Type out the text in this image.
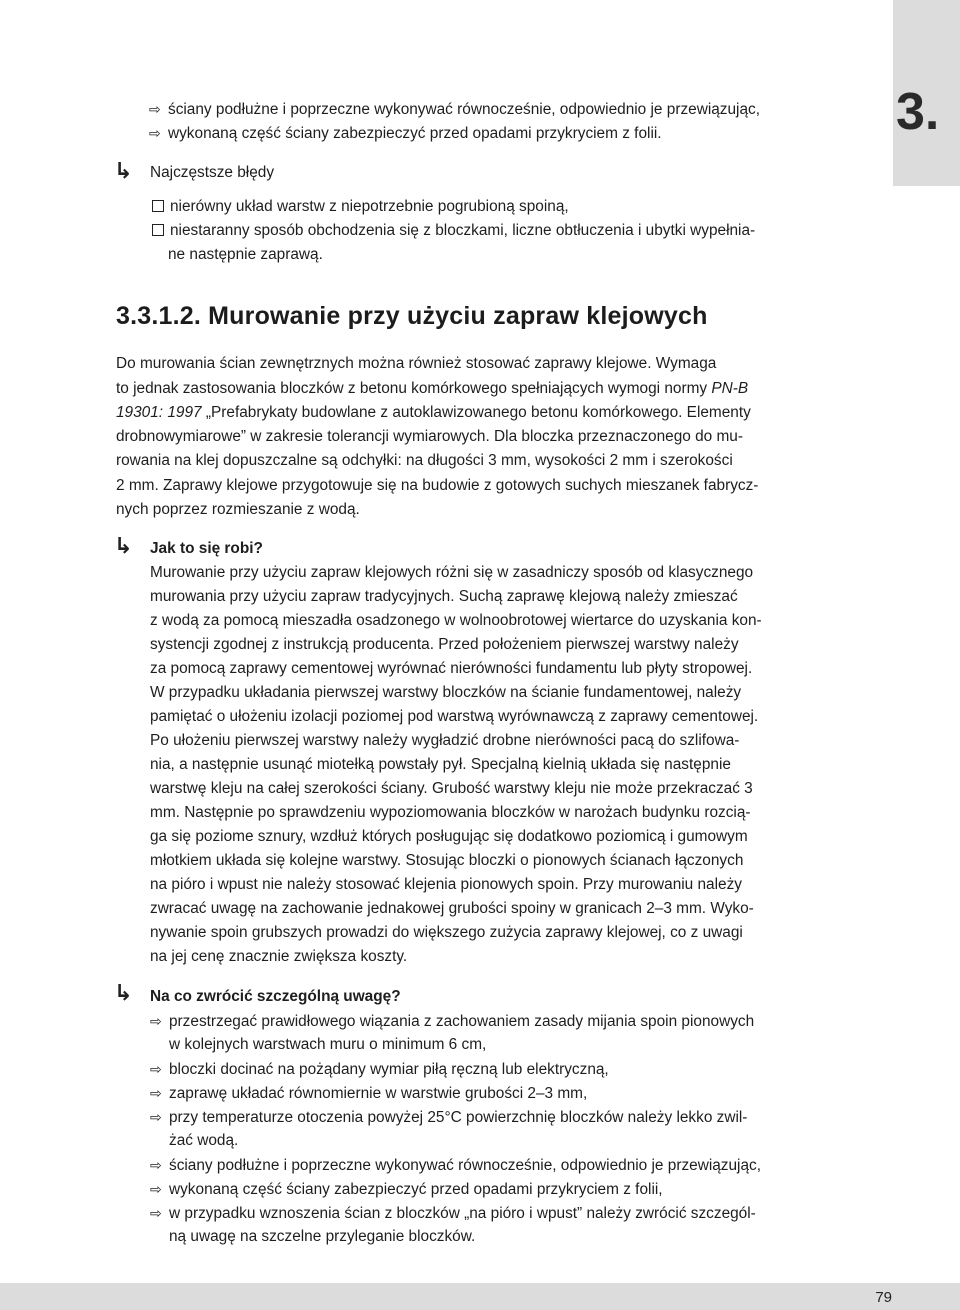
3.
⇨ ściany podłużne i poprzeczne wykonywać równocześnie, odpowiednio je przewiązując,
⇨ wykonaną część ściany zabezpieczyć przed opadami przykryciem z folii.
↳ Najczęstsze błędy
nierówny układ warstw z niepotrzebnie pogrubioną spoiną,
niestaranny sposób obchodzenia się z bloczkami, liczne obtłuczenia i ubytki wypełnia-
ne następnie zaprawą.
3.3.1.2. Murowanie przy użyciu zapraw klejowych
Do murowania ścian zewnętrznych można również stosować zaprawy klejowe. Wymaga
to jednak zastosowania bloczków z betonu komórkowego spełniających wymogi normy PN-B
19301: 1997 „Prefabrykaty budowlane z autoklawizowanego betonu komórkowego. Elementy
drobnowymiarowe” w zakresie tolerancji wymiarowych. Dla bloczka przeznaczonego do mu-
rowania na klej dopuszczalne są odchyłki: na długości 3 mm, wysokości 2 mm i szerokości
2 mm. Zaprawy klejowe przygotowuje się na budowie z gotowych suchych mieszanek fabrycz-
nych poprzez rozmieszanie z wodą.
↳ Jak to się robi?
Murowanie przy użyciu zapraw klejowych różni się w zasadniczy sposób od klasycznego
murowania przy użyciu zapraw tradycyjnych. Suchą zaprawę klejową należy zmieszać
z wodą za pomocą mieszadła osadzonego w wolnoobrotowej wiertarce do uzyskania kon-
systencji zgodnej z instrukcją producenta. Przed położeniem pierwszej warstwy należy
za pomocą zaprawy cementowej wyrównać nierówności fundamentu lub płyty stropowej.
W przypadku układania pierwszej warstwy bloczków na ścianie fundamentowej, należy
pamiętać o ułożeniu izolacji poziomej pod warstwą wyrównawczą z zaprawy cementowej.
Po ułożeniu pierwszej warstwy należy wygładzić drobne nierówności pacą do szlifowa-
nia, a następnie usunąć miotełką powstały pył. Specjalną kielnią układa się następnie
warstwę kleju na całej szerokości ściany. Grubość warstwy kleju nie może przekraczać 3
mm. Następnie po sprawdzeniu wypoziomowania bloczków w narożach budynku rozcią-
ga się poziome sznury, wzdłuż których posługując się dodatkowo poziomicą i gumowym
młotkiem układa się kolejne warstwy. Stosując bloczki o pionowych ścianach łączonych
na pióro i wpust nie należy stosować klejenia pionowych spoin. Przy murowaniu należy
zwracać uwagę na zachowanie jednakowej grubości spoiny w granicach 2–3 mm. Wyko-
nywanie spoin grubszych prowadzi do większego zużycia zaprawy klejowej, co z uwagi
na jej cenę znacznie zwiększa koszty.
↳ Na co zwrócić szczególną uwagę?
⇨ przestrzegać prawidłowego wiązania z zachowaniem zasady mijania spoin pionowych
w kolejnych warstwach muru o minimum 6 cm,
⇨ bloczki docinać na pożądany wymiar piłą ręczną lub elektryczną,
⇨ zaprawę układać równomiernie w warstwie grubości 2–3 mm,
⇨ przy temperaturze otoczenia powyżej 25°C powierzchnię bloczków należy lekko zwil-
żać wodą.
⇨ ściany podłużne i poprzeczne wykonywać równocześnie, odpowiednio je przewiązując,
⇨ wykonaną część ściany zabezpieczyć przed opadami przykryciem z folii,
⇨ w przypadku wznoszenia ścian z bloczków „na pióro i wpust” należy zwrócić szczegól-
ną uwagę na szczelne przyleganie bloczków.
79
